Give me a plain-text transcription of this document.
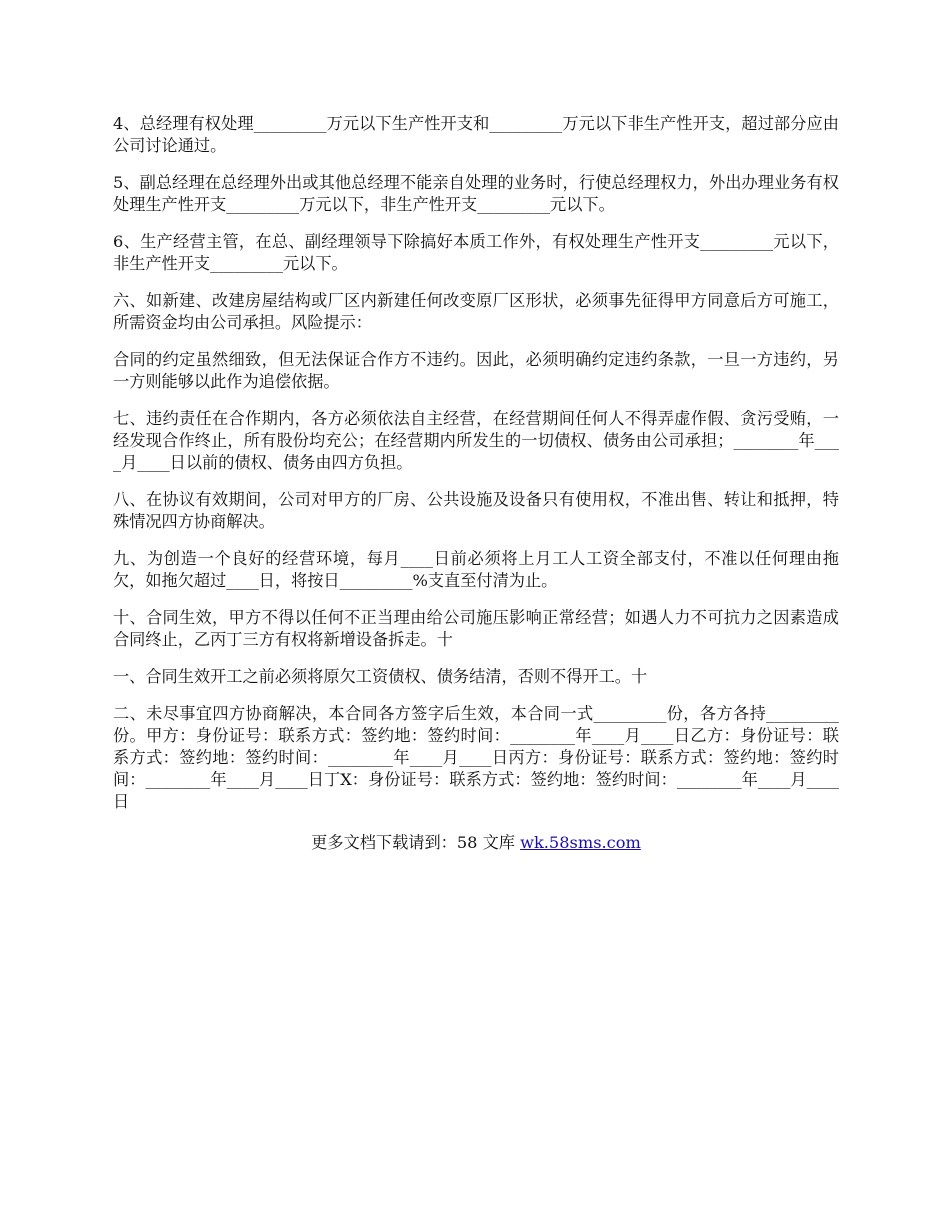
4、总经理有权处理_________万元以下生产性开支和_________万元以下非生产性开支，超过部分应由公司讨论通过。

5、副总经理在总经理外出或其他总经理不能亲自处理的业务时，行使总经理权力，外出办理业务有权处理生产性开支_________万元以下，非生产性开支_________元以下。

6、生产经营主管，在总、副经理领导下除搞好本质工作外，有权处理生产性开支_________元以下，非生产性开支_________元以下。

六、如新建、改建房屋结构或厂区内新建任何改变原厂区形状，必须事先征得甲方同意后方可施工，所需资金均由公司承担。风险提示：

合同的约定虽然细致，但无法保证合作方不违约。因此，必须明确约定违约条款，一旦一方违约，另一方则能够以此作为追偿依据。

七、违约责任在合作期内，各方必须依法自主经营，在经营期间任何人不得弄虚作假、贪污受贿，一经发现合作终止，所有股份均充公；在经营期内所发生的一切债权、债务由公司承担；________年____月____日以前的债权、债务由四方负担。

八、在协议有效期间，公司对甲方的厂房、公共设施及设备只有使用权，不准出售、转让和抵押，特殊情况四方协商解决。

九、为创造一个良好的经营环境，每月____日前必须将上月工人工资全部支付，不准以任何理由拖欠，如拖欠超过____日，将按日_________%支直至付清为止。

十、合同生效，甲方不得以任何不正当理由给公司施压影响正常经营；如遇人力不可抗力之因素造成合同终止，乙丙丁三方有权将新增设备拆走。十

一、合同生效开工之前必须将原欠工资债权、债务结清，否则不得开工。十

二、未尽事宜四方协商解决，本合同各方签字后生效，本合同一式_________份，各方各持_________份。甲方：身份证号：联系方式：签约地：签约时间：________年____月____日乙方：身份证号：联系方式：签约地：签约时间：________年____月____日丙方：身份证号：联系方式：签约地：签约时间：________年____月____日丁X：身份证号：联系方式：签约地：签约时间：________年____月____日

更多文档下载请到：58 文库 wk.58sms.com
